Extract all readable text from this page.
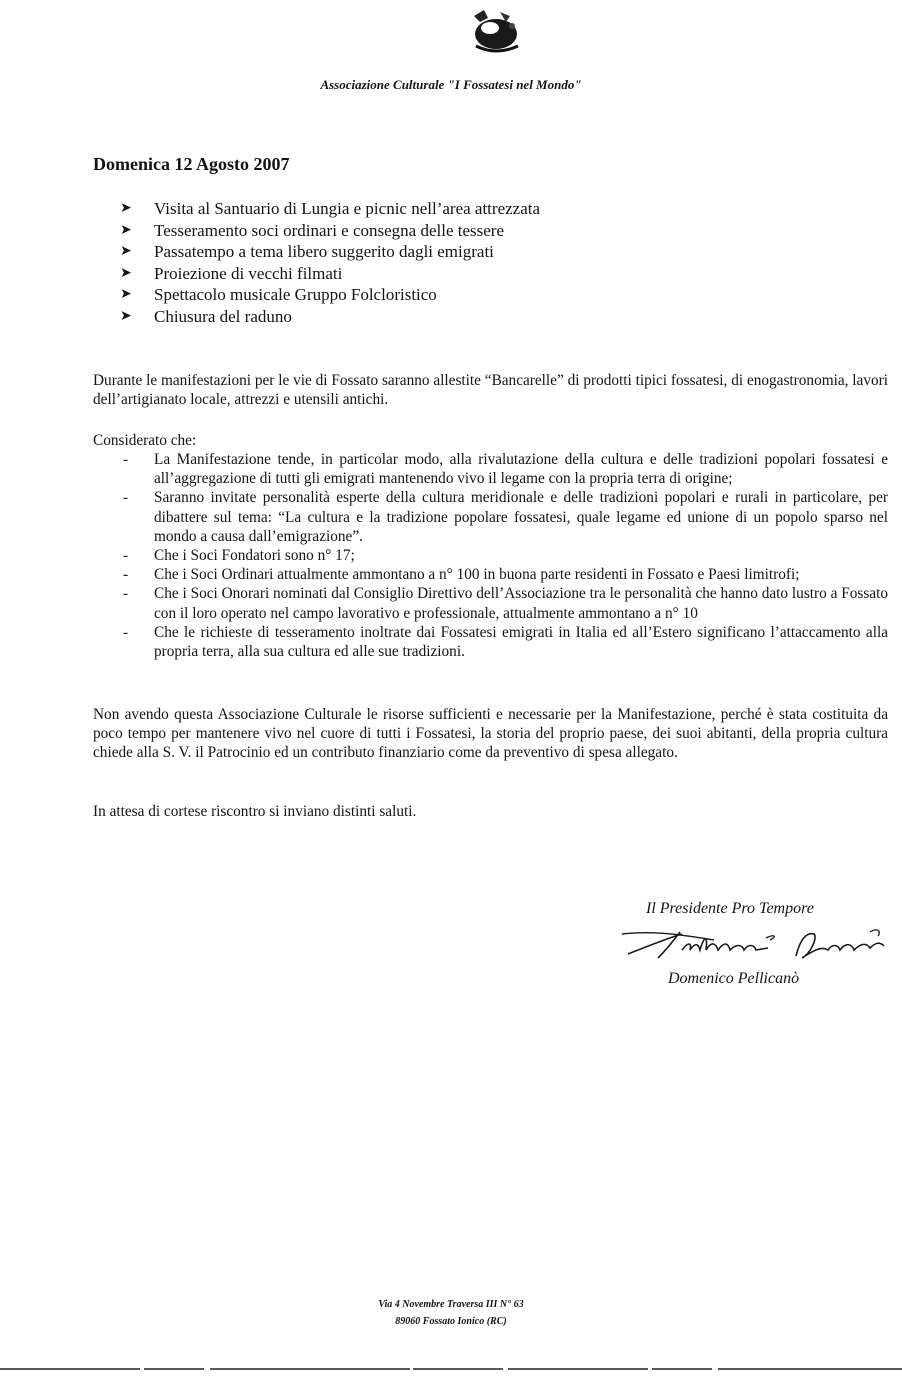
Associazione Culturale "I Fossatesi nel Mondo"
Domenica 12 Agosto 2007
➤	Visita al Santuario di Lungia e picnic nell’area attrezzata
➤	Tesseramento soci ordinari e consegna delle tessere
➤	Passatempo a tema libero suggerito dagli emigrati
➤	Proiezione di vecchi filmati
➤	Spettacolo musicale Gruppo Folcloristico
➤	Chiusura del raduno

Durante le manifestazioni per le vie di Fossato saranno allestite “Bancarelle” di prodotti tipici fossatesi, di enogastronomia, lavori dell’artigianato locale, attrezzi e utensili antichi.

Considerato che:
- La Manifestazione tende, in particolar modo, alla rivalutazione della cultura e delle tradizioni popolari fossatesi e all’aggregazione di tutti gli emigrati mantenendo vivo il legame con la propria terra di origine;
- Saranno invitate personalità esperte della cultura meridionale e delle tradizioni popolari e rurali in particolare, per dibattere sul tema: “La cultura e la tradizione popolare fossatesi, quale legame ed unione di un popolo sparso nel mondo a causa dall’emigrazione”.
- Che i Soci Fondatori sono n° 17;
- Che i Soci Ordinari attualmente ammontano a n° 100 in buona parte residenti in Fossato e Paesi limitrofi;
- Che i Soci Onorari nominati dal Consiglio Direttivo dell’Associazione tra le personalità che hanno dato lustro a Fossato con il loro operato nel campo lavorativo e professionale, attualmente ammontano a n° 10
- Che le richieste di tesseramento inoltrate dai Fossatesi emigrati in Italia ed all’Estero significano l’attaccamento alla propria terra, alla sua cultura ed alle sue tradizioni.

Non avendo questa Associazione Culturale le risorse sufficienti e necessarie per la Manifestazione, perché è stata costituita da poco tempo per mantenere vivo nel cuore di tutti i Fossatesi, la storia del proprio paese, dei suoi abitanti, della propria cultura chiede alla S. V. il Patrocinio ed un contributo finanziario come da preventivo di spesa allegato.

In attesa di cortese riscontro si inviano distinti saluti.

Il Presidente Pro Tempore
Domenico Pellicanò
Via 4 Novembre Traversa III N° 63
89060 Fossato Ionico (RC)
